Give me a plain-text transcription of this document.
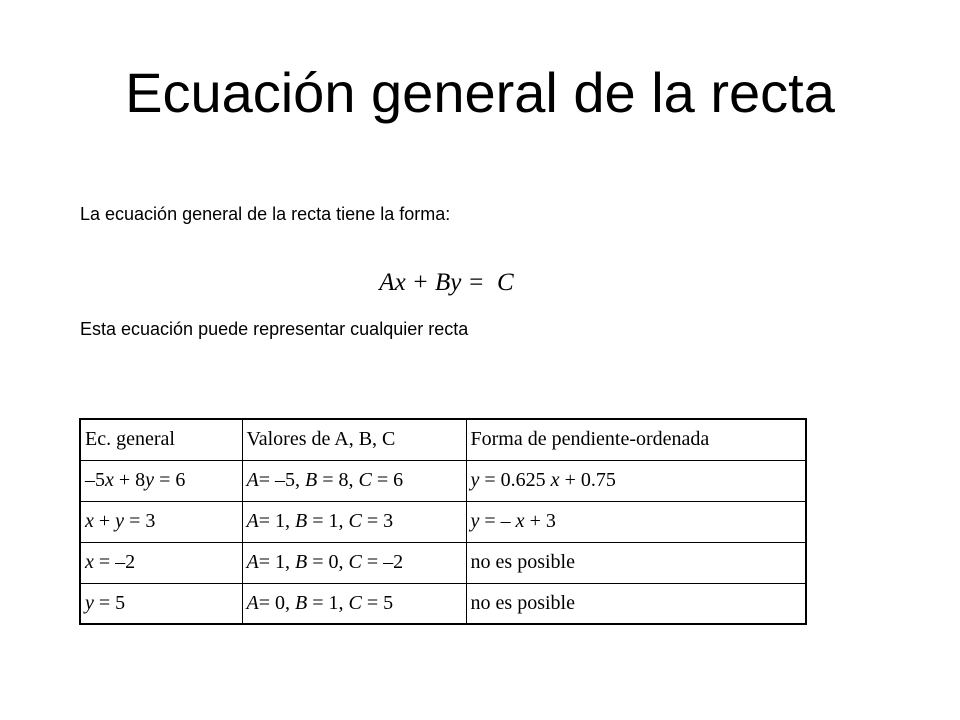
Ecuación general de la recta
La ecuación general de la recta tiene la forma:
Ax + By =  C
Esta ecuación puede representar cualquier recta
Ec. general	Valores de A, B, C	Forma de pendiente-ordenada
–5x + 8y = 6	A= –5, B = 8, C = 6	y = 0.625 x + 0.75
x + y = 3	A= 1, B = 1, C = 3	y = – x + 3
x = –2	A= 1, B = 0, C = –2	no es posible
y = 5	A= 0, B = 1, C = 5	no es posible
